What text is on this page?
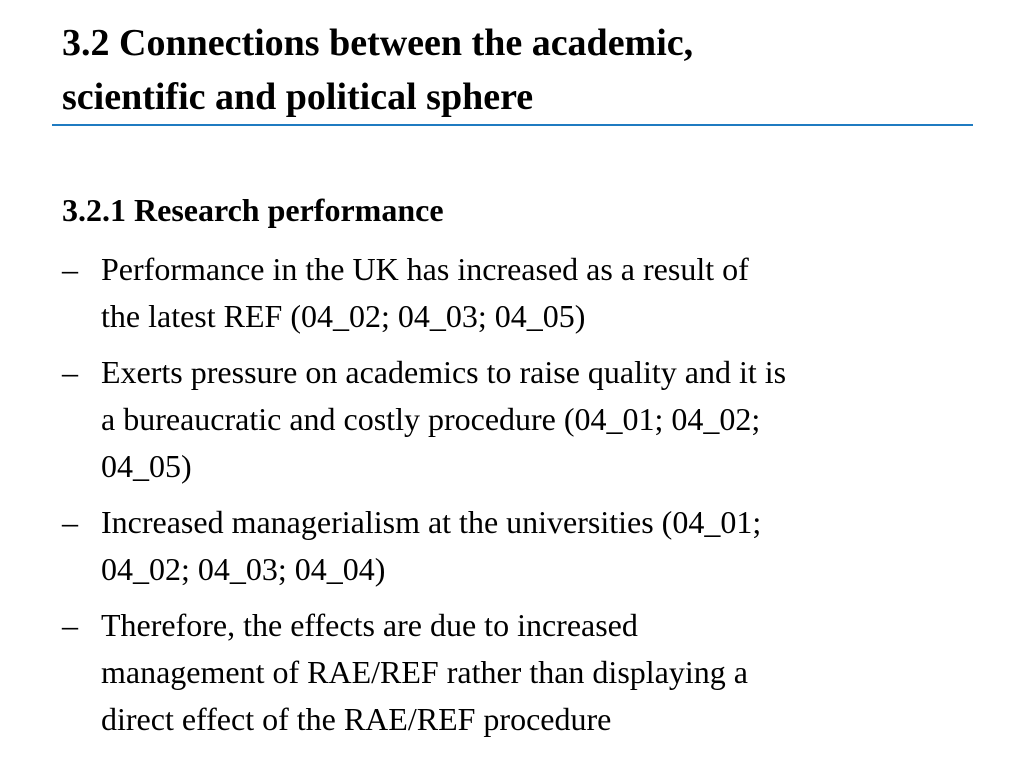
3.2 Connections between the academic,
scientific and political sphere
3.2.1 Research performance
– Performance in the UK has increased as a result of
the latest REF (04_02; 04_03; 04_05)
– Exerts pressure on academics to raise quality and it is
a bureaucratic and costly procedure (04_01; 04_02;
04_05)
– Increased managerialism at the universities (04_01;
04_02; 04_03; 04_04)
– Therefore, the effects are due to increased
management of RAE/REF rather than displaying a
direct effect of the RAE/REF procedure
